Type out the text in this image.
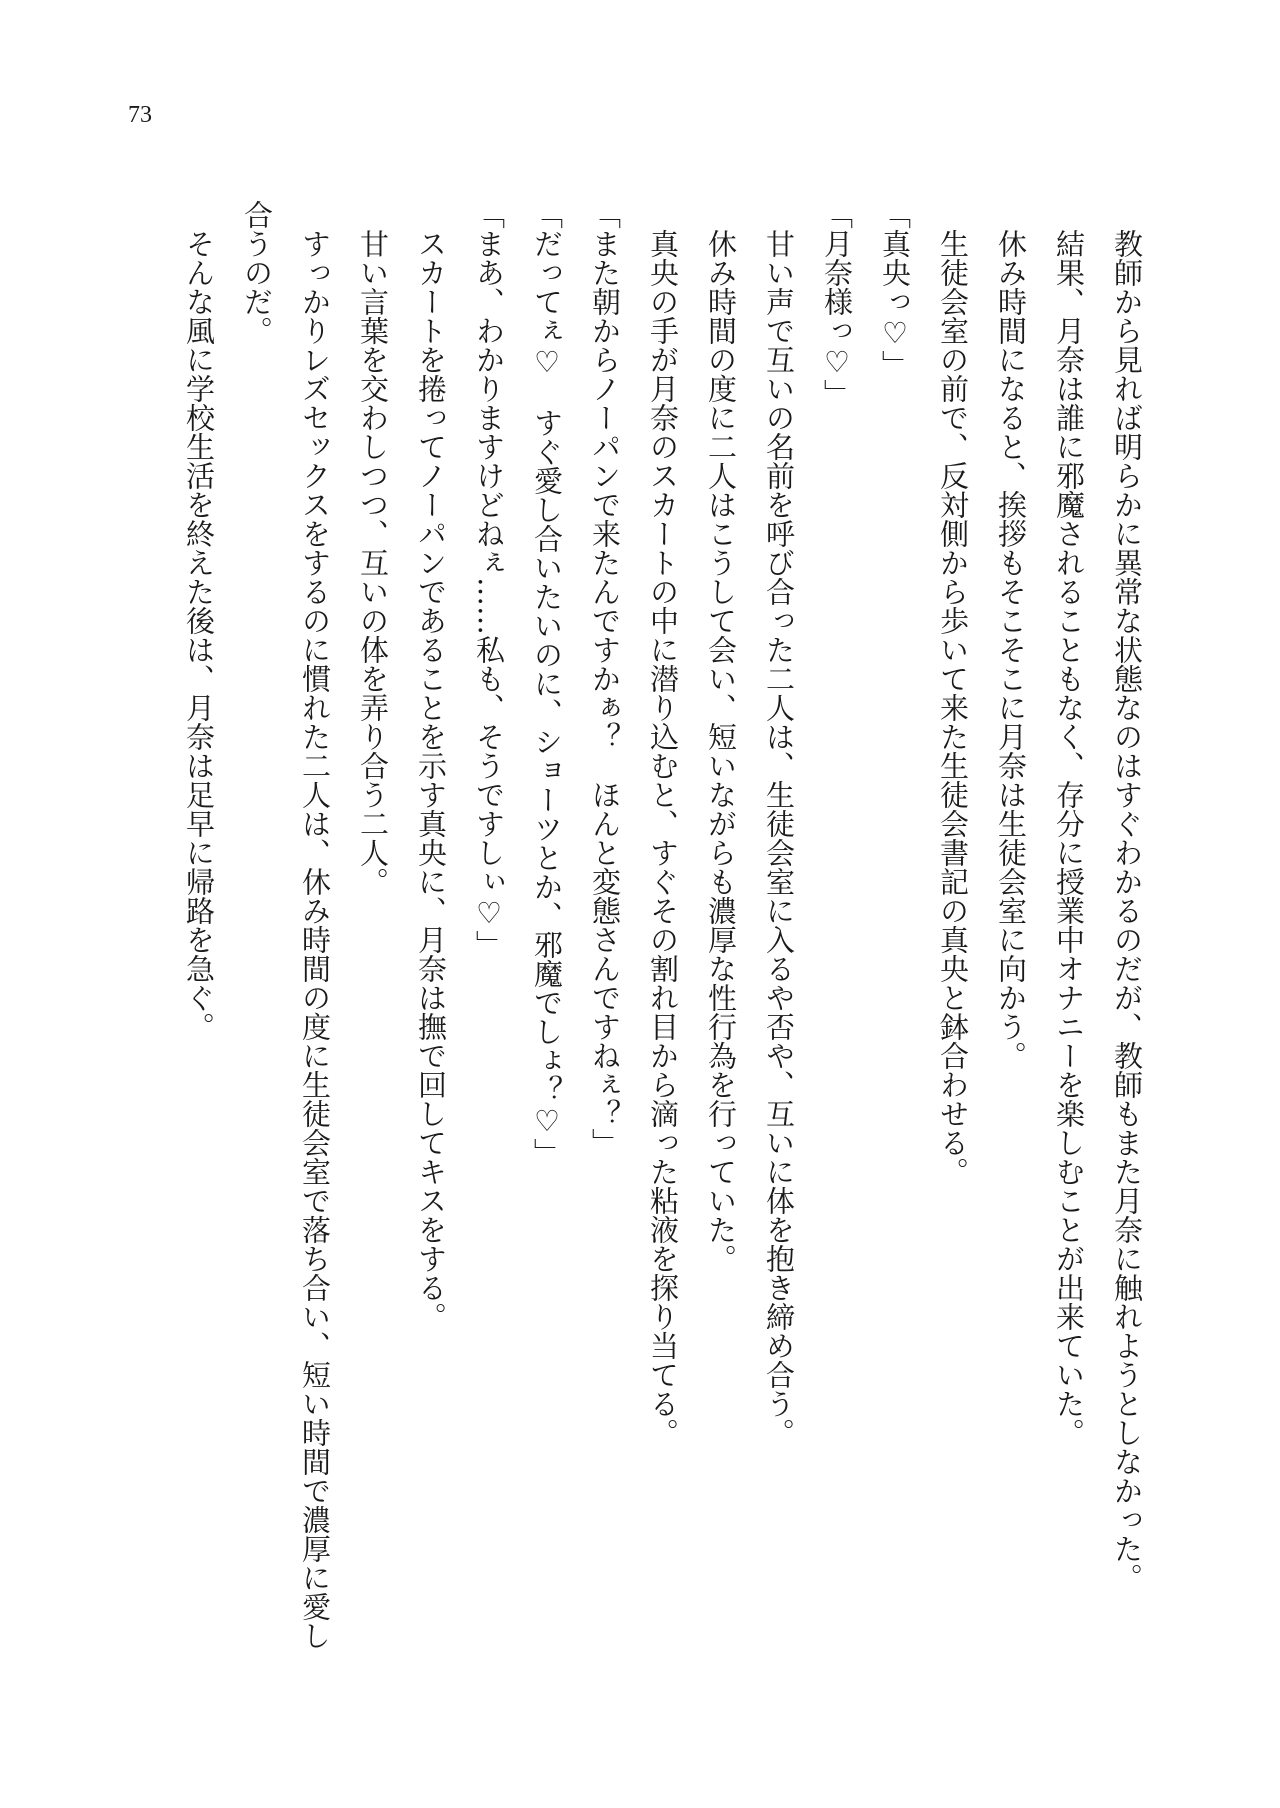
73

教師から見れば明らかに異常な状態なのはすぐわかるのだが、教師もまた月奈に触れようとしなかった。

結果、月奈は誰に邪魔されることもなく、存分に授業中オナニーを楽しむことが出来ていた。

休み時間になると、挨拶もそこそこに月奈は生徒会室に向かう。

生徒会室の前で、反対側から歩いて来た生徒会書記の真央と鉢合わせる。

「真央っ♡」

「月奈様っ♡」

甘い声で互いの名前を呼び合った二人は、生徒会室に入るや否や、互いに体を抱き締め合う。

休み時間の度に二人はこうして会い、短いながらも濃厚な性行為を行っていた。

真央の手が月奈のスカートの中に潜り込むと、すぐその割れ目から滴った粘液を探り当てる。

「また朝からノーパンで来たんですかぁ？　ほんと変態さんですねぇ？」

「だってぇ♡　すぐ愛し合いたいのに、ショーツとか、邪魔でしょ？♡」

「まあ、わかりますけどねぇ……私も、そうですしぃ♡」

スカートを捲ってノーパンであることを示す真央に、月奈は撫で回してキスをする。

甘い言葉を交わしつつ、互いの体を弄り合う二人。

すっかりレズセックスをするのに慣れた二人は、休み時間の度に生徒会室で落ち合い、短い時間で濃厚に愛し合うのだ。

そんな風に学校生活を終えた後は、月奈は足早に帰路を急ぐ。
